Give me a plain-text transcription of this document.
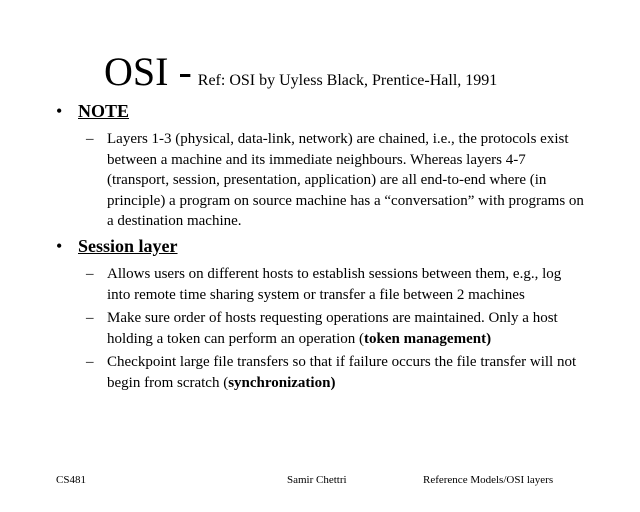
OSI - Ref: OSI by Uyless Black, Prentice-Hall, 1991
• NOTE
– Layers 1-3 (physical, data-link, network) are chained, i.e., the protocols exist between a machine and its immediate neighbours. Whereas layers 4-7 (transport, session, presentation, application) are all end-to-end where (in principle) a program on source machine has a “conversation” with programs on a destination machine.
• Session layer
– Allows users on different hosts to establish sessions between them, e.g., log into remote time sharing system or transfer a file between 2 machines
– Make sure order of hosts requesting operations are maintained. Only a host holding a token can perform an operation (token management)
– Checkpoint large file transfers so that if failure occurs the file transfer will not begin from scratch (synchronization)
CS481	Samir Chettri	Reference Models/OSI layers
